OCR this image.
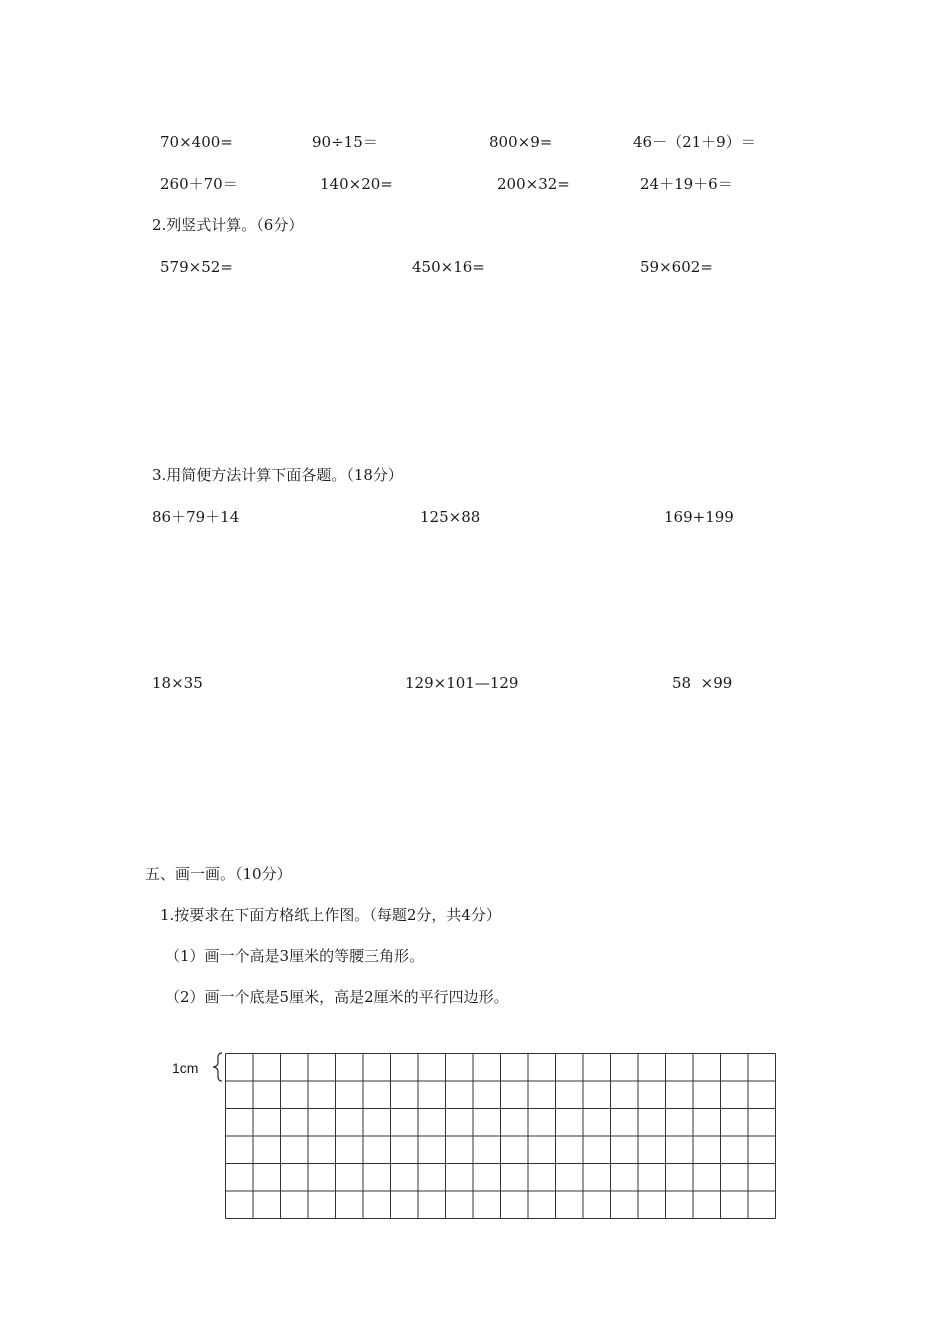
70×400=	90÷15＝	800×9=	46－（21＋9）＝
260＋70＝	140×20=	200×32=	24＋19＋6＝
2.列竖式计算。（6分）
579×52=	450×16=	59×602=
3.用简便方法计算下面各题。（18分）
86＋79＋14	125×88	169+199
18×35	129×101—129	58  ×99
五、画一画。（10分）
1.按要求在下面方格纸上作图。（每题2分，共4分）
（1）画一个高是3厘米的等腰三角形。
（2）画一个底是5厘米，高是2厘米的平行四边形。
1cm
